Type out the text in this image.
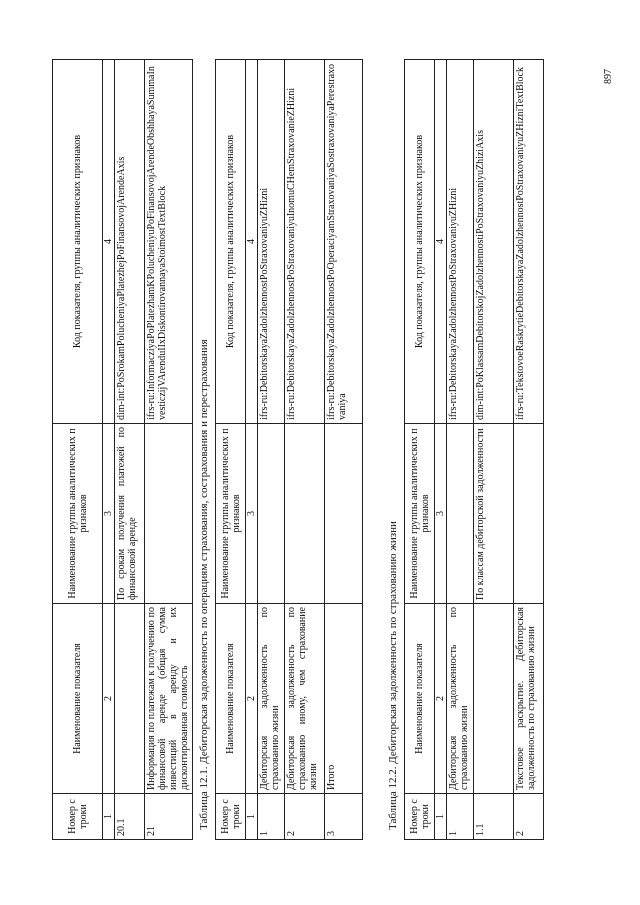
897
Номер строки	Наименование показателя	Наименование группы аналитических признаков	Код показателя, группы аналитических признаков
1	2	3	4
20.1		По срокам получения платежей по финансовой аренде	dim-int:PoSrokamPolucheniyaPlatezhejPoFinansovojArendeAxis
21	Информация по платежам к получению по финансовой аренде (общая сумма инвестиций в аренду и их дисконтированная стоимость		ifrs-ru:InformacziyaPoPlatezhamKPolucheniyuPoFinansovojArendeObshhayaSummaInvesticzijVArenduIIxDiskontirovannayaStoimostTextBlock
Таблица 12.1. Дебиторская задолженность по операциям страхования, сострахования и перестрахования Номер строки	Наименование показателя	Наименование группы аналитических признаков	Код показателя, группы аналитических признаков
1	2	3	4
1	Дебиторская задолженность по страхованию жизни		ifrs-ru:DebitorskayaZadolzhennostPoStraxovaniyuZHizni
2	Дебиторская задолженность по страхованию иному, чем страхование жизни		ifrs-ru:DebitorskayaZadolzhennostPoStraxovaniyuInomuCHemStraxovanieZHizni
3	Итого		ifrs-ru:DebitorskayaZadolzhennostPoOperaciyamStraxovaniyaSostraxovaniyaPerestraxovaniya
Таблица 12.2. Дебиторская задолженность по страхованию жизни Номер строки	Наименование показателя	Наименование группы аналитических признаков	Код показателя, группы аналитических признаков
1	2	3	4
1	Дебиторская задолженность по страхованию жизни		ifrs-ru:DebitorskayaZadolzhennostPoStraxovaniyuZHizni
1.1		По классам дебиторской задолженности	dim-int:PoKlassamDebitorskojZadolzhennostiPoStraxovaniyuZhiziAxis
2	Текстовое раскрытие. Дебиторская задолженность по страхованию жизни		ifrs-ru:TekstovoeRaskrytieDebitorskayaZadolzhennostPoStraxovaniyuZHizniTextBlock
